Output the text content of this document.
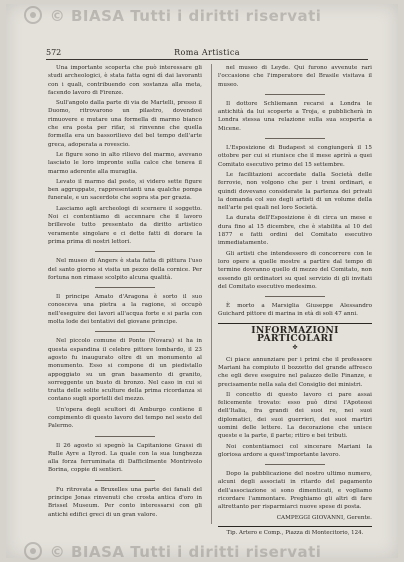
© BIASA Tutti i diritti riservati
572	Roma Artistica

Una importante scoperta che può interessare gli studi archeologici, è stata fatta ogni dì dai lavoranti con i quali, contribuendo con sostanza alla meta, facendo lavoro di Firenze.

Sull'angolo dalla parte di via de Martelli, presso il Duomo, ritrovarono un pilastro, dovendosi rimuovere e mutare una formella di marmo bianco che era posta per rifar, si rinvenne che quella formella era un bassorilievo del bel tempo dell'arte greca, adoperata a rovescio.

Le figure sono in alto rilievo del marmo, avevano lasciato le loro impronte sulla calce che teneva il marmo aderente alla muraglia.

Levato il marmo dal posto, si videro sette figure ben aggruppate, rappresentanti una qualche pompa funerale, e un sacerdote che sopra sta per grazia.

Lasciamo agli archeologi di scernere il soggetto. Noi ci contentiamo di accennare che il lavoro brillevole tutto presentato da diritto artistico veramente singolare e ci dette fatti di dorare la prima prima di nostri lettori.

Nel museo di Angers è stata fatta di pittura l'uso del santo giorno si visita un pezzo della cornice. Per fortuna non rimase scolpito alcuna qualità.

Il principe Amato d'Aragona è sorto il suo conosceva una pietra a la ragione, si occupò nell'eseguire dei lavori all'acqua forte e si parla con molta lode dei tentativi del giovane principe.

Nel piccolo comune di Ponte (Novara) si ha in questa espandina il celebre pittore lombardo, il 23 agosto fu inaugurato oltre di un monumento al monumento. Esso si compone di un piedistallo appoggiato su un gran basamento di granito, sorreggente un busto di bronzo. Nel caso in cui si tratta delle solite sculture della prima ricordanza si contano sugli sportelli del mezzo.

Un'opera degli scultori di Amburgo contiene il compimento di questo lavoro del tempo nel sesto del Palermo.

Il 26 agosto si spegnò la Capitanione Grassi di Rulle Ayre a Ilyrod. La quale con la sua lunghezza alla forza ferruminata di Dafficilmente Montrivolo Borina, coppie di sentieri.

Fu ritrovata a Bruxelles una parte dei fanali del principe Jonas rinvenuti che crosta antica d'oro in Brissel Museum. Per conto interessarsi con gli antichi edifici greci di un gran valore.

nel museo di Leyde. Qui furono avvenute rari l'occasione che l'imperatore del Brasile visitava il museo.

Il dottore Schliemann recarsi a Londra le antichità da lui scoperte a Troja, e pubblicherà in Londra stessa una relazione sulla sua scoperta a Micene.

L'Esposizione di Budapest si congiungerà il 15 ottobre per cui si riunisce che il mese aprirà a quei Comitato esecutivo primo del 15 settembre.

Le facilitazioni accordate dalla Società delle ferrovie, non volgono che per i treni ordinari, e quindi dovevano considerate la partenza dei privati la domanda col suo degli artisti di un volume della nell'arte pei quali nel loro Società.

La durata dell'Esposizione è di circa un mese e dura fino al 15 dicembre, che è stabilita al 10 del 1877 e fatti ordini del Comitato esecutivo immediatamente.

Gli artisti che intendessero di concorrere con le loro opere a quelle mostre a partire dal tempo di termine dovranno quello di mezzo del Comitato, non essendo gli ordinatori su quel servizio di gli invitati del Comitato esecutivo medesimo.

È morto a Marsiglia Giuseppe Alessandro Guichard pittore di marina in età di soli 47 anni.

INFORMAZIONI PARTICOLARI
✤

Ci piace annunziare per i primi che il professore Mariani ha compiuto il bozzetto del grande affresco che egli deve eseguire nel palazzo delle Finanze, e precisamente nella sala del Consiglio dei ministri.

Il concetto di questo lavoro ci pare assai felicemente trovato: esso può dirsi l'Apoteosi dell'Italia, fra grandi dei suoi re, nei suoi diplomatici, dei suoi guerrieri, dei suoi martiri uomini delle lettere. La decorazione che unisce queste e la parte, il parte; ritiro e bei tributi.

Noi contentiamoci col sincerare Mariani la gloriosa ardore a quest'importante lavoro.

Dopo la pubblicazione del nostro ultimo numero, alcuni degli associati in ritardo del pagamento dell'associazione si sono dimenticati, e vogliamo ricordare l'ammontare. Preghiamo gli altri di fare altrettanto per risparmiarci nuove spese di posta.

CAMPEGGI GIOVANNI, Gerente.
Tip. Artero e Comp., Piazza di Montecitorio, 124.
© BIASA Tutti i diritti riservati
